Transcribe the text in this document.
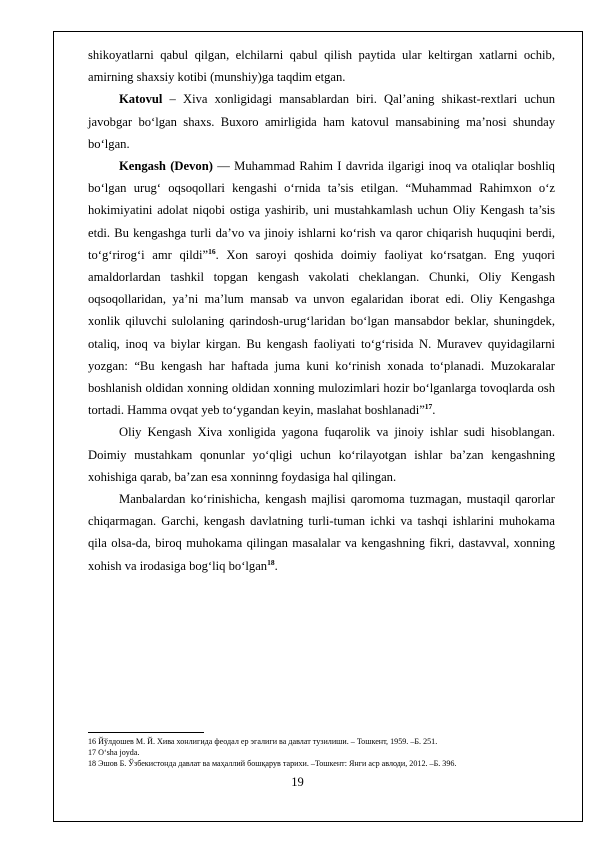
shikoyatlarni qabul qilgan, elchilarni qabul qilish paytida ular keltirgan xatlarni ochib, amirning shaxsiy kotibi (munshiy)ga taqdim etgan.

Katovul – Xiva xonligidagi mansablardan biri. Qal’aning shikast-rextlari uchun javobgar bo‘lgan shaxs. Buxoro amirligida ham katovul mansabining ma’nosi shunday bo‘lgan.

Kengash (Devon) — Muhammad Rahim I davrida ilgarigi inoq va otaliqlar boshliq bo‘lgan urug‘ oqsoqollari kengashi o‘rnida ta’sis etilgan. “Muhammad Rahimxon o‘z hokimiyatini adolat niqobi ostiga yashirib, uni mustahkamlash uchun Oliy Kengash ta’sis etdi. Bu kengashga turli da’vo va jinoiy ishlarni ko‘rish va qaror chiqarish huquqini berdi, to‘g‘rirog‘i amr qildi”$^{16}$. Xon saroyi qoshida doimiy faoliyat ko‘rsatgan. Eng yuqori amaldorlardan tashkil topgan kengash vakolati cheklangan. Chunki, Oliy Kengash oqsoqollaridan, ya’ni ma’lum mansab va unvon egalaridan iborat edi. Oliy Kengashga xonlik qiluvchi sulolaning qarindosh-urug‘laridan bo‘lgan mansabdor beklar, shuningdek, otaliq, inoq va biylar kirgan. Bu kengash faoliyati to‘g‘risida N. Muravev quyidagilarni yozgan: “Bu kengash har haftada juma kuni ko‘rinish xonada to‘planadi. Muzokaralar boshlanish oldidan xonning oldidan xonning mulozimlari hozir bo‘lganlarga tovoqlarda osh tortadi. Hamma ovqat yeb to‘ygandan keyin, maslahat boshlanadi”$^{17}$.

Oliy Kengash Xiva xonligida yagona fuqarolik va jinoiy ishlar sudi hisoblangan. Doimiy mustahkam qonunlar yo‘qligi uchun ko‘rilayotgan ishlar ba’zan kengashning xohishiga qarab, ba’zan esa xonninng foydasiga hal qilingan.

Manbalardan ko‘rinishicha, kengash majlisi qaromoma tuzmagan, mustaqil qarorlar chiqarmagan. Garchi, kengash davlatning turli-tuman ichki va tashqi ishlarini muhokama qila olsa-da, biroq muhokama qilingan masalalar va kengashning fikri, dastavval, xonning xohish va irodasiga bog‘liq bo‘lgan$^{18}$.

16 Йўлдошев М. Й. Хива хонлигида феодал ер эгалиги ва давлат тузилиши. – Тошкент, 1959. –Б. 251.
17 O‘sha joyda.
18 Эшов Б. Ўзбекистонда давлат ва маҳаллий бошқарув тарихи. –Тошкент: Янги аср авлоди, 2012. –Б. 396.
19
